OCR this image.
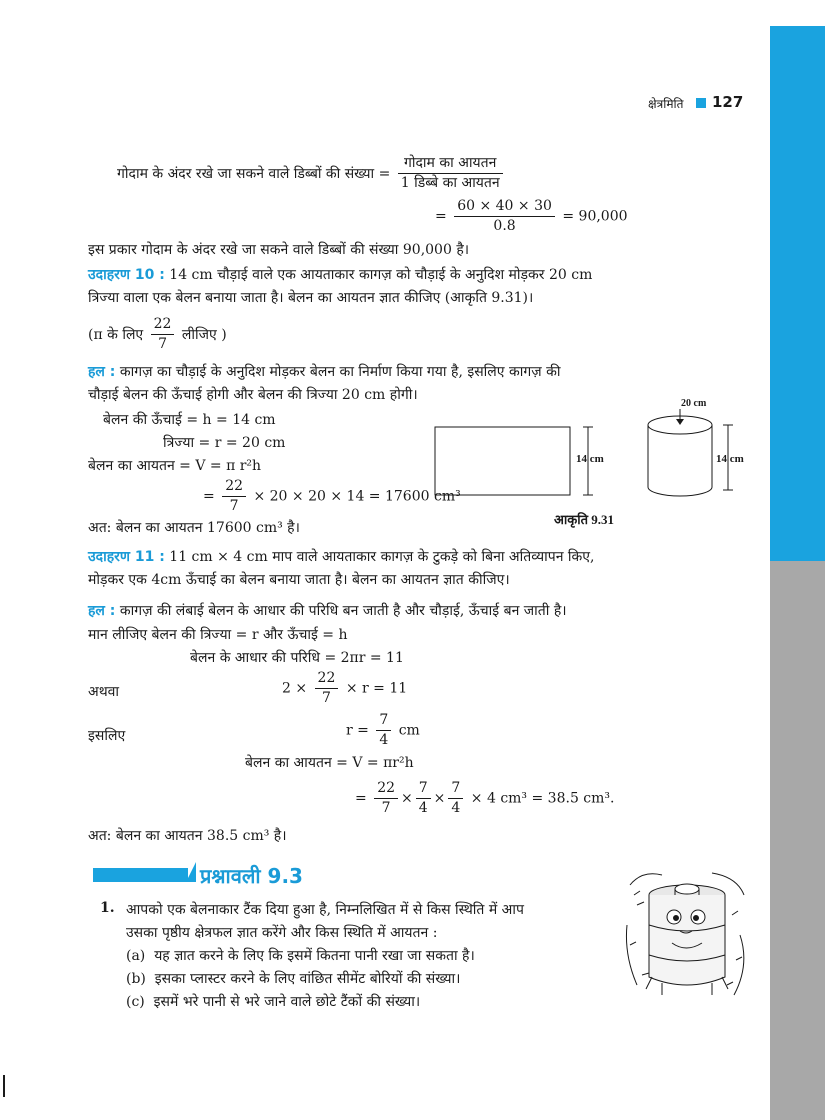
क्षेत्रमिति 127
गोदाम के अंदर रखे जा सकने वाले डिब्बों की संख्या = $\frac{\text{गोदाम का आयतन}}{\text{1 डिब्बे का आयतन}}$
= $\frac{60 \times 40 \times 30}{0.8} = 90,000$
इस प्रकार गोदाम के अंदर रखे जा सकने वाले डिब्बों की संख्या 90,000 है।
उदाहरण 10 : 14 cm चौड़ाई वाले एक आयताकार कागज़ को चौड़ाई के अनुदिश मोड़कर 20 cm
त्रिज्या वाला एक बेलन बनाया जाता है। बेलन का आयतन ज्ञात कीजिए (आकृति 9.31)।
(π के लिए $\frac{22}{7}$ लीजिए )
हल : कागज़ का चौड़ाई के अनुदिश मोड़कर बेलन का निर्माण किया गया है, इसलिए कागज़ की
चौड़ाई बेलन की ऊँचाई होगी और बेलन की त्रिज्या 20 cm होगी।
बेलन की ऊँचाई = h = 14 cm
त्रिज्या = r = 20 cm
बेलन का आयतन = V = π r²h
= $\frac{22}{7} \times 20 \times 20 \times 14 = 17600$ cm³
अत: बेलन का आयतन 17600 cm³ है।
14 cm
20 cm
14 cm
आकृति 9.31
उदाहरण 11 : 11 cm × 4 cm माप वाले आयताकार कागज़ के टुकड़े को बिना अतिव्यापन किए,
मोड़कर एक 4cm ऊँचाई का बेलन बनाया जाता है। बेलन का आयतन ज्ञात कीजिए।
हल : कागज़ की लंबाई बेलन के आधार की परिधि बन जाती है और चौड़ाई, ऊँचाई बन जाती है।
मान लीजिए बेलन की त्रिज्या = r और ऊँचाई = h
बेलन के आधार की परिधि = 2πr = 11
अथवा	$2 \times \frac{22}{7} \times r = 11$
इसलिए	$r = \frac{7}{4}$ cm
बेलन का आयतन = V = πr²h
= $\frac{22}{7} \times \frac{7}{4} \times \frac{7}{4} \times 4$ cm³ = 38.5 cm³.
अत: बेलन का आयतन 38.5 cm³ है।
प्रश्नावली 9.3
1. आपको एक बेलनाकार टैंक दिया हुआ है, निम्नलिखित में से किस स्थिति में आप
उसका पृष्ठीय क्षेत्रफल ज्ञात करेंगे और किस स्थिति में आयतन :
(a) यह ज्ञात करने के लिए कि इसमें कितना पानी रखा जा सकता है।
(b) इसका प्लास्टर करने के लिए वांछित सीमेंट बोरियों की संख्या।
(c) इसमें भरे पानी से भरे जाने वाले छोटे टैंकों की संख्या।
